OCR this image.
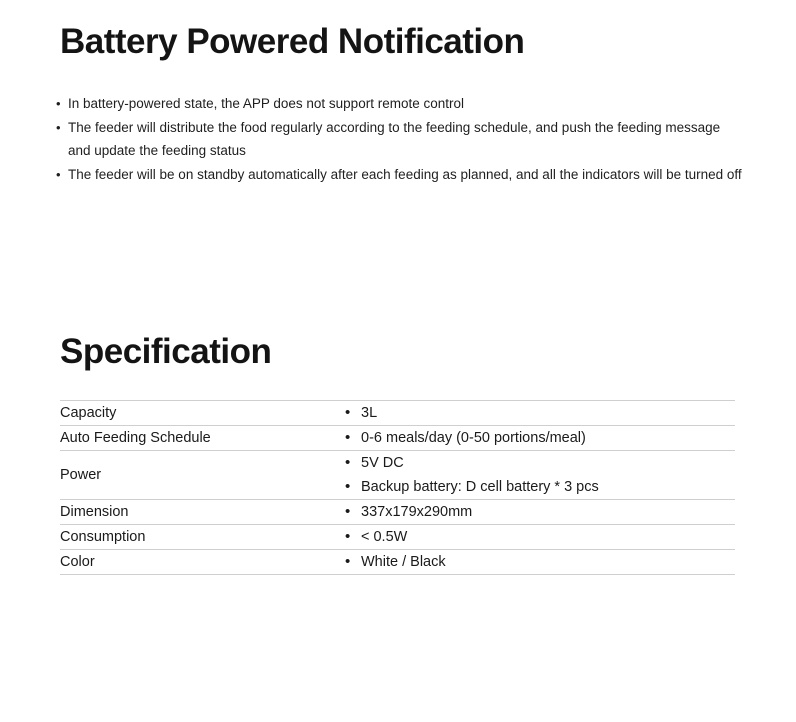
Battery Powered Notification
• In battery-powered state, the APP does not support remote control
• The feeder will distribute the food regularly according to the feeding schedule, and push the feeding message and update the feeding status
• The feeder will be on standby automatically after each feeding as planned, and all the indicators will be turned off
Specification
Capacity	
•3L

Auto Feeding Schedule	
•0-6 meals/day (0-50 portions/meal)

Power	
• 5V DC
• Backup battery: D cell battery * 3 pcs

Dimension	
•337x179x290mm

Consumption	
•< 0.5W

Color	
•White / Black
